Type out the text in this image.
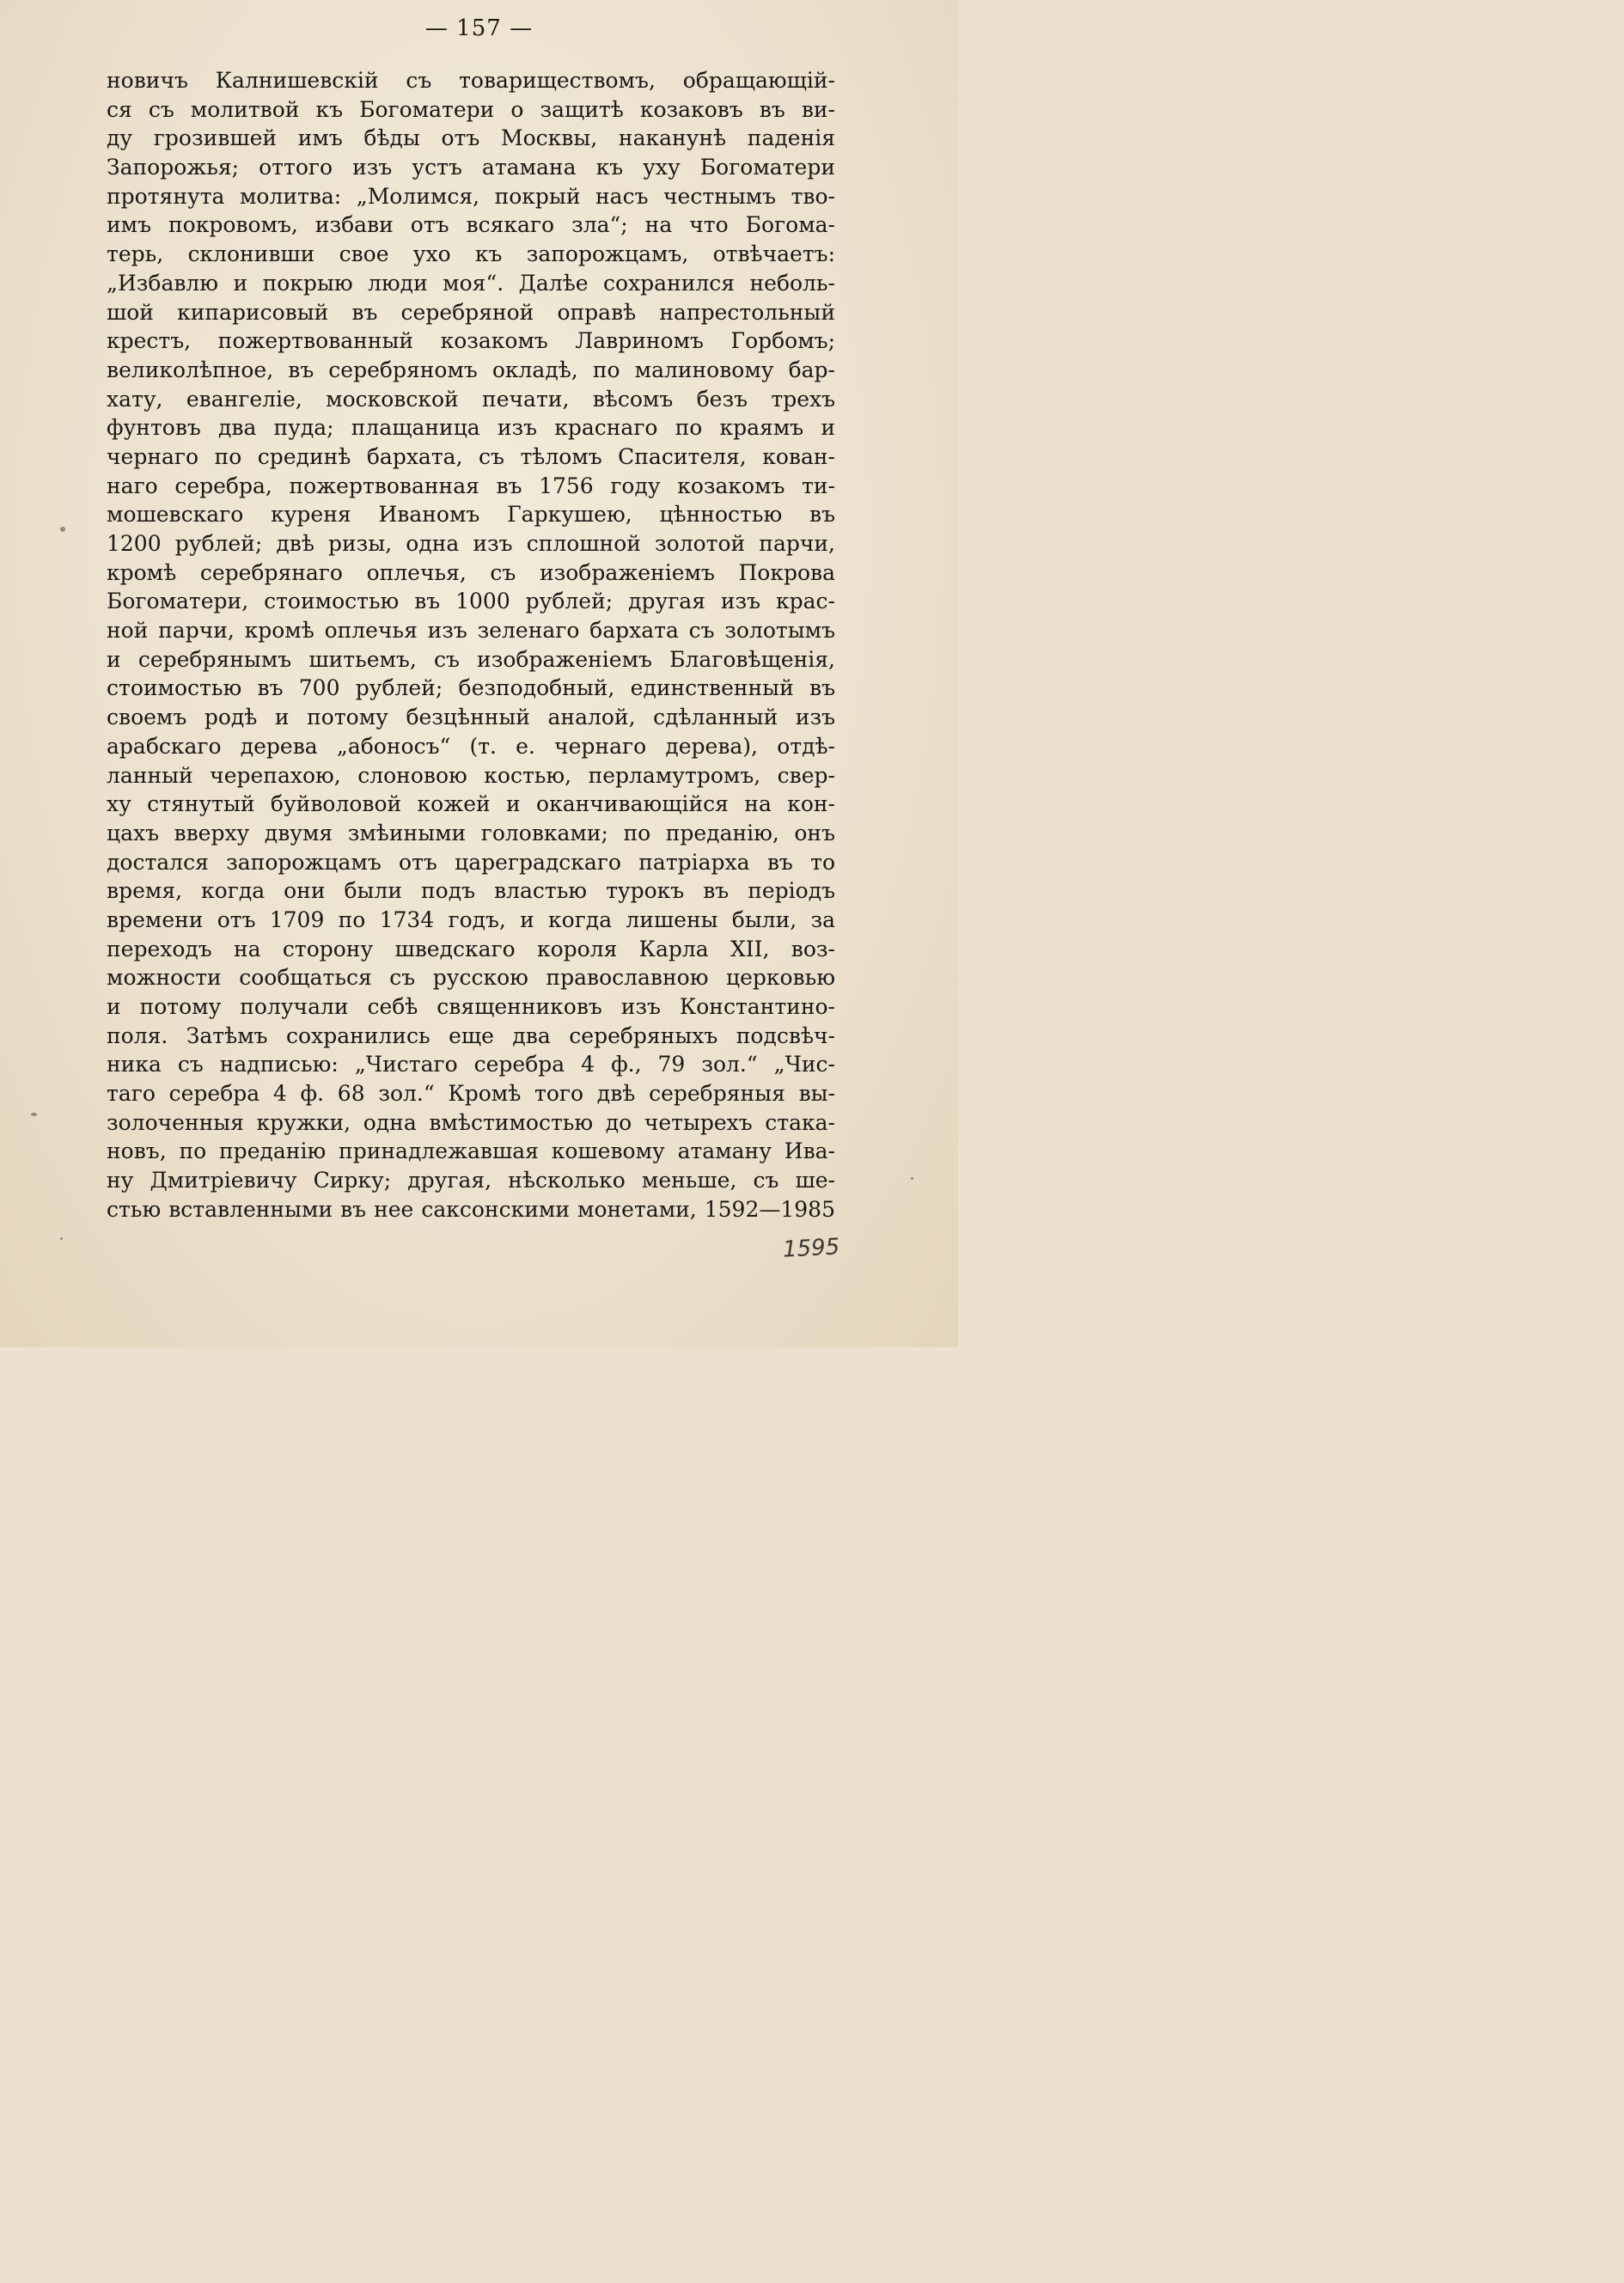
— 157 —
новичъ Калнишевскій съ товариществомъ, обращающій-
ся съ молитвой къ Богоматери о защитѣ козаковъ въ ви-
ду грозившей имъ бѣды отъ Москвы, наканунѣ паденія
Запорожья; оттого изъ устъ атамана къ уху Богоматери
протянута молитва: „Молимся, покрый насъ честнымъ тво-
имъ покровомъ, избави отъ всякаго зла“; на что Богома-
терь, склонивши свое ухо къ запорожцамъ, отвѣчаетъ:
„Избавлю и покрыю люди моя“. Далѣе сохранился неболь-
шой кипарисовый въ серебряной оправѣ напрестольный
крестъ, пожертвованный козакомъ Лавриномъ Горбомъ;
великолѣпное, въ серебряномъ окладѣ, по малиновому бар-
хату, евангеліе, московской печати, вѣсомъ безъ трехъ
фунтовъ два пуда; плащаница изъ краснаго по краямъ и
чернаго по срединѣ бархата, съ тѣломъ Спасителя, кован-
наго серебра, пожертвованная въ 1756 году козакомъ ти-
мошевскаго куреня Иваномъ Гаркушею, цѣнностью въ
1200 рублей; двѣ ризы, одна изъ сплошной золотой парчи,
кромѣ серебрянаго оплечья, съ изображеніемъ Покрова
Богоматери, стоимостью въ 1000 рублей; другая изъ крас-
ной парчи, кромѣ оплечья изъ зеленаго бархата съ золотымъ
и серебрянымъ шитьемъ, съ изображеніемъ Благовѣщенія,
стоимостью въ 700 рублей; безподобный, единственный въ
своемъ родѣ и потому безцѣнный аналой, сдѣланный изъ
арабскаго дерева „абоносъ“ (т. е. чернаго дерева), отдѣ-
ланный черепахою, слоновою костью, перламутромъ, свер-
ху стянутый буйволовой кожей и оканчивающійся на кон-
цахъ вверху двумя змѣиными головками; по преданію, онъ
достался запорожцамъ отъ цареградскаго патріарха въ то
время, когда они были подъ властью турокъ въ періодъ
времени отъ 1709 по 1734 годъ, и когда лишены были, за
переходъ на сторону шведскаго короля Карла XII, воз-
можности сообщаться съ русскою православною церковью
и потому получали себѣ священниковъ изъ Константино-
поля. Затѣмъ сохранились еще два серебряныхъ подсвѣч-
ника съ надписью: „Чистаго серебра 4 ф., 79 зол.“ „Чис-
таго серебра 4 ф. 68 зол.“ Кромѣ того двѣ серебряныя вы-
золоченныя кружки, одна вмѣстимостью до четырехъ стака-
новъ, по преданію принадлежавшая кошевому атаману Ива-
ну Дмитріевичу Сирку; другая, нѣсколько меньше, съ ше-
стью вставленными въ нее саксонскими монетами, 1592—1985
1595
